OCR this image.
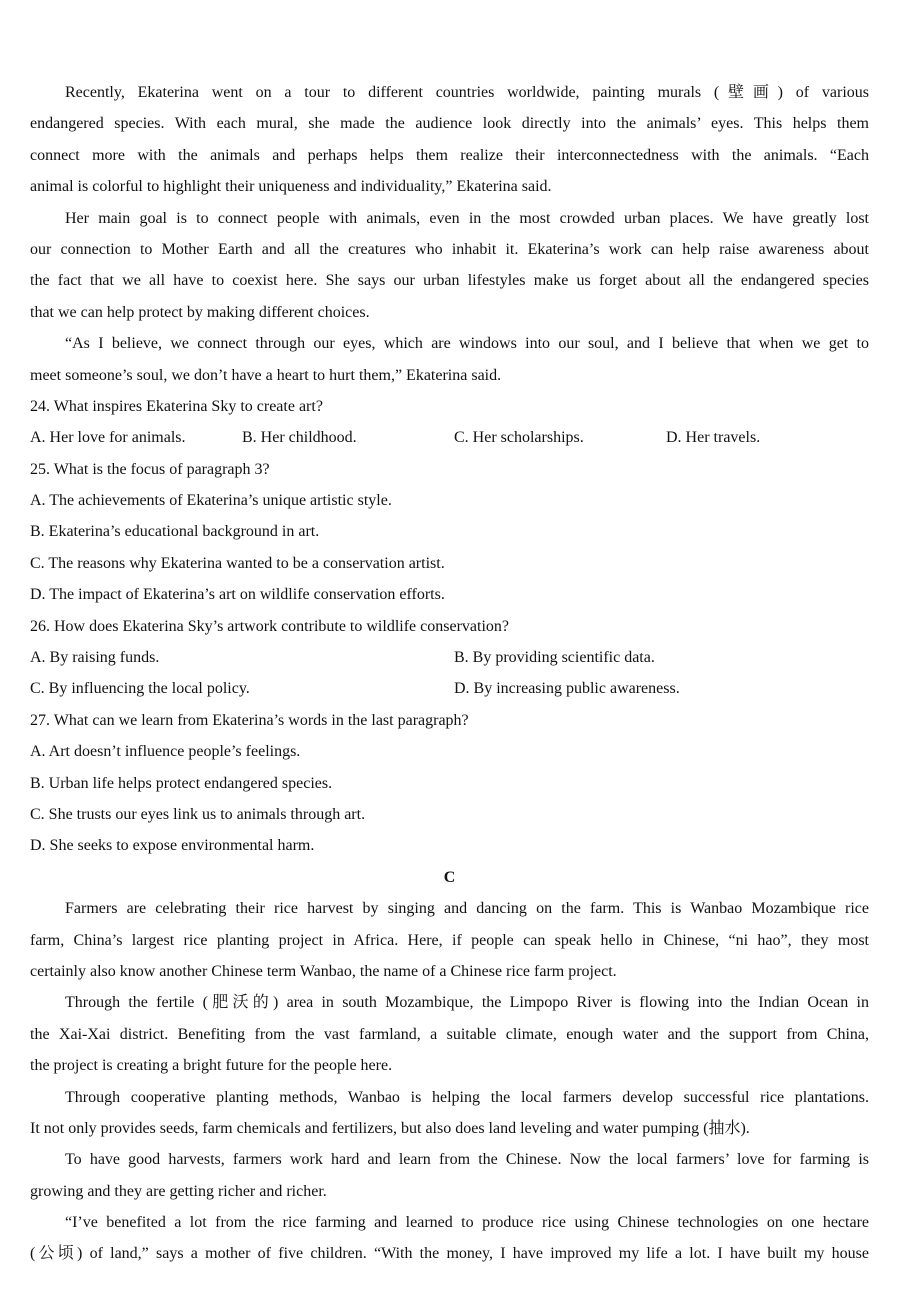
Recently, Ekaterina went on a tour to different countries worldwide, painting murals (壁画) of various
endangered species. With each mural, she made the audience look directly into the animals’ eyes. This helps them
connect more with the animals and perhaps helps them realize their interconnectedness with the animals. “Each
animal is colorful to highlight their uniqueness and individuality,” Ekaterina said.
Her main goal is to connect people with animals, even in the most crowded urban places. We have greatly lost
our connection to Mother Earth and all the creatures who inhabit it. Ekaterina’s work can help raise awareness about
the fact that we all have to coexist here. She says our urban lifestyles make us forget about all the endangered species
that we can help protect by making different choices.
“As I believe, we connect through our eyes, which are windows into our soul, and I believe that when we get to
meet someone’s soul, we don’t have a heart to hurt them,” Ekaterina said.
24. What inspires Ekaterina Sky to create art?
A. Her love for animals.	B. Her childhood.	C. Her scholarships.	D. Her travels.
25. What is the focus of paragraph 3?
A. The achievements of Ekaterina’s unique artistic style.
B. Ekaterina’s educational background in art.
C. The reasons why Ekaterina wanted to be a conservation artist.
D. The impact of Ekaterina’s art on wildlife conservation efforts.
26. How does Ekaterina Sky’s artwork contribute to wildlife conservation?
A. By raising funds.	B. By providing scientific data.
C. By influencing the local policy.	D. By increasing public awareness.
27. What can we learn from Ekaterina’s words in the last paragraph?
A. Art doesn’t influence people’s feelings.
B. Urban life helps protect endangered species.
C. She trusts our eyes link us to animals through art.
D. She seeks to expose environmental harm.
C
Farmers are celebrating their rice harvest by singing and dancing on the farm. This is Wanbao Mozambique rice
farm, China’s largest rice planting project in Africa. Here, if people can speak hello in Chinese, “ni hao”, they most
certainly also know another Chinese term Wanbao, the name of a Chinese rice farm project.
Through the fertile (肥沃的) area in south Mozambique, the Limpopo River is flowing into the Indian Ocean in
the Xai-Xai district. Benefiting from the vast farmland, a suitable climate, enough water and the support from China,
the project is creating a bright future for the people here.
Through cooperative planting methods, Wanbao is helping the local farmers develop successful rice plantations.
It not only provides seeds, farm chemicals and fertilizers, but also does land leveling and water pumping (抽水).
To have good harvests, farmers work hard and learn from the Chinese. Now the local farmers’ love for farming is
growing and they are getting richer and richer.
“I’ve benefited a lot from the rice farming and learned to produce rice using Chinese technologies on one hectare
(公顷) of land,” says a mother of five children. “With the money, I have improved my life a lot. I have built my house
